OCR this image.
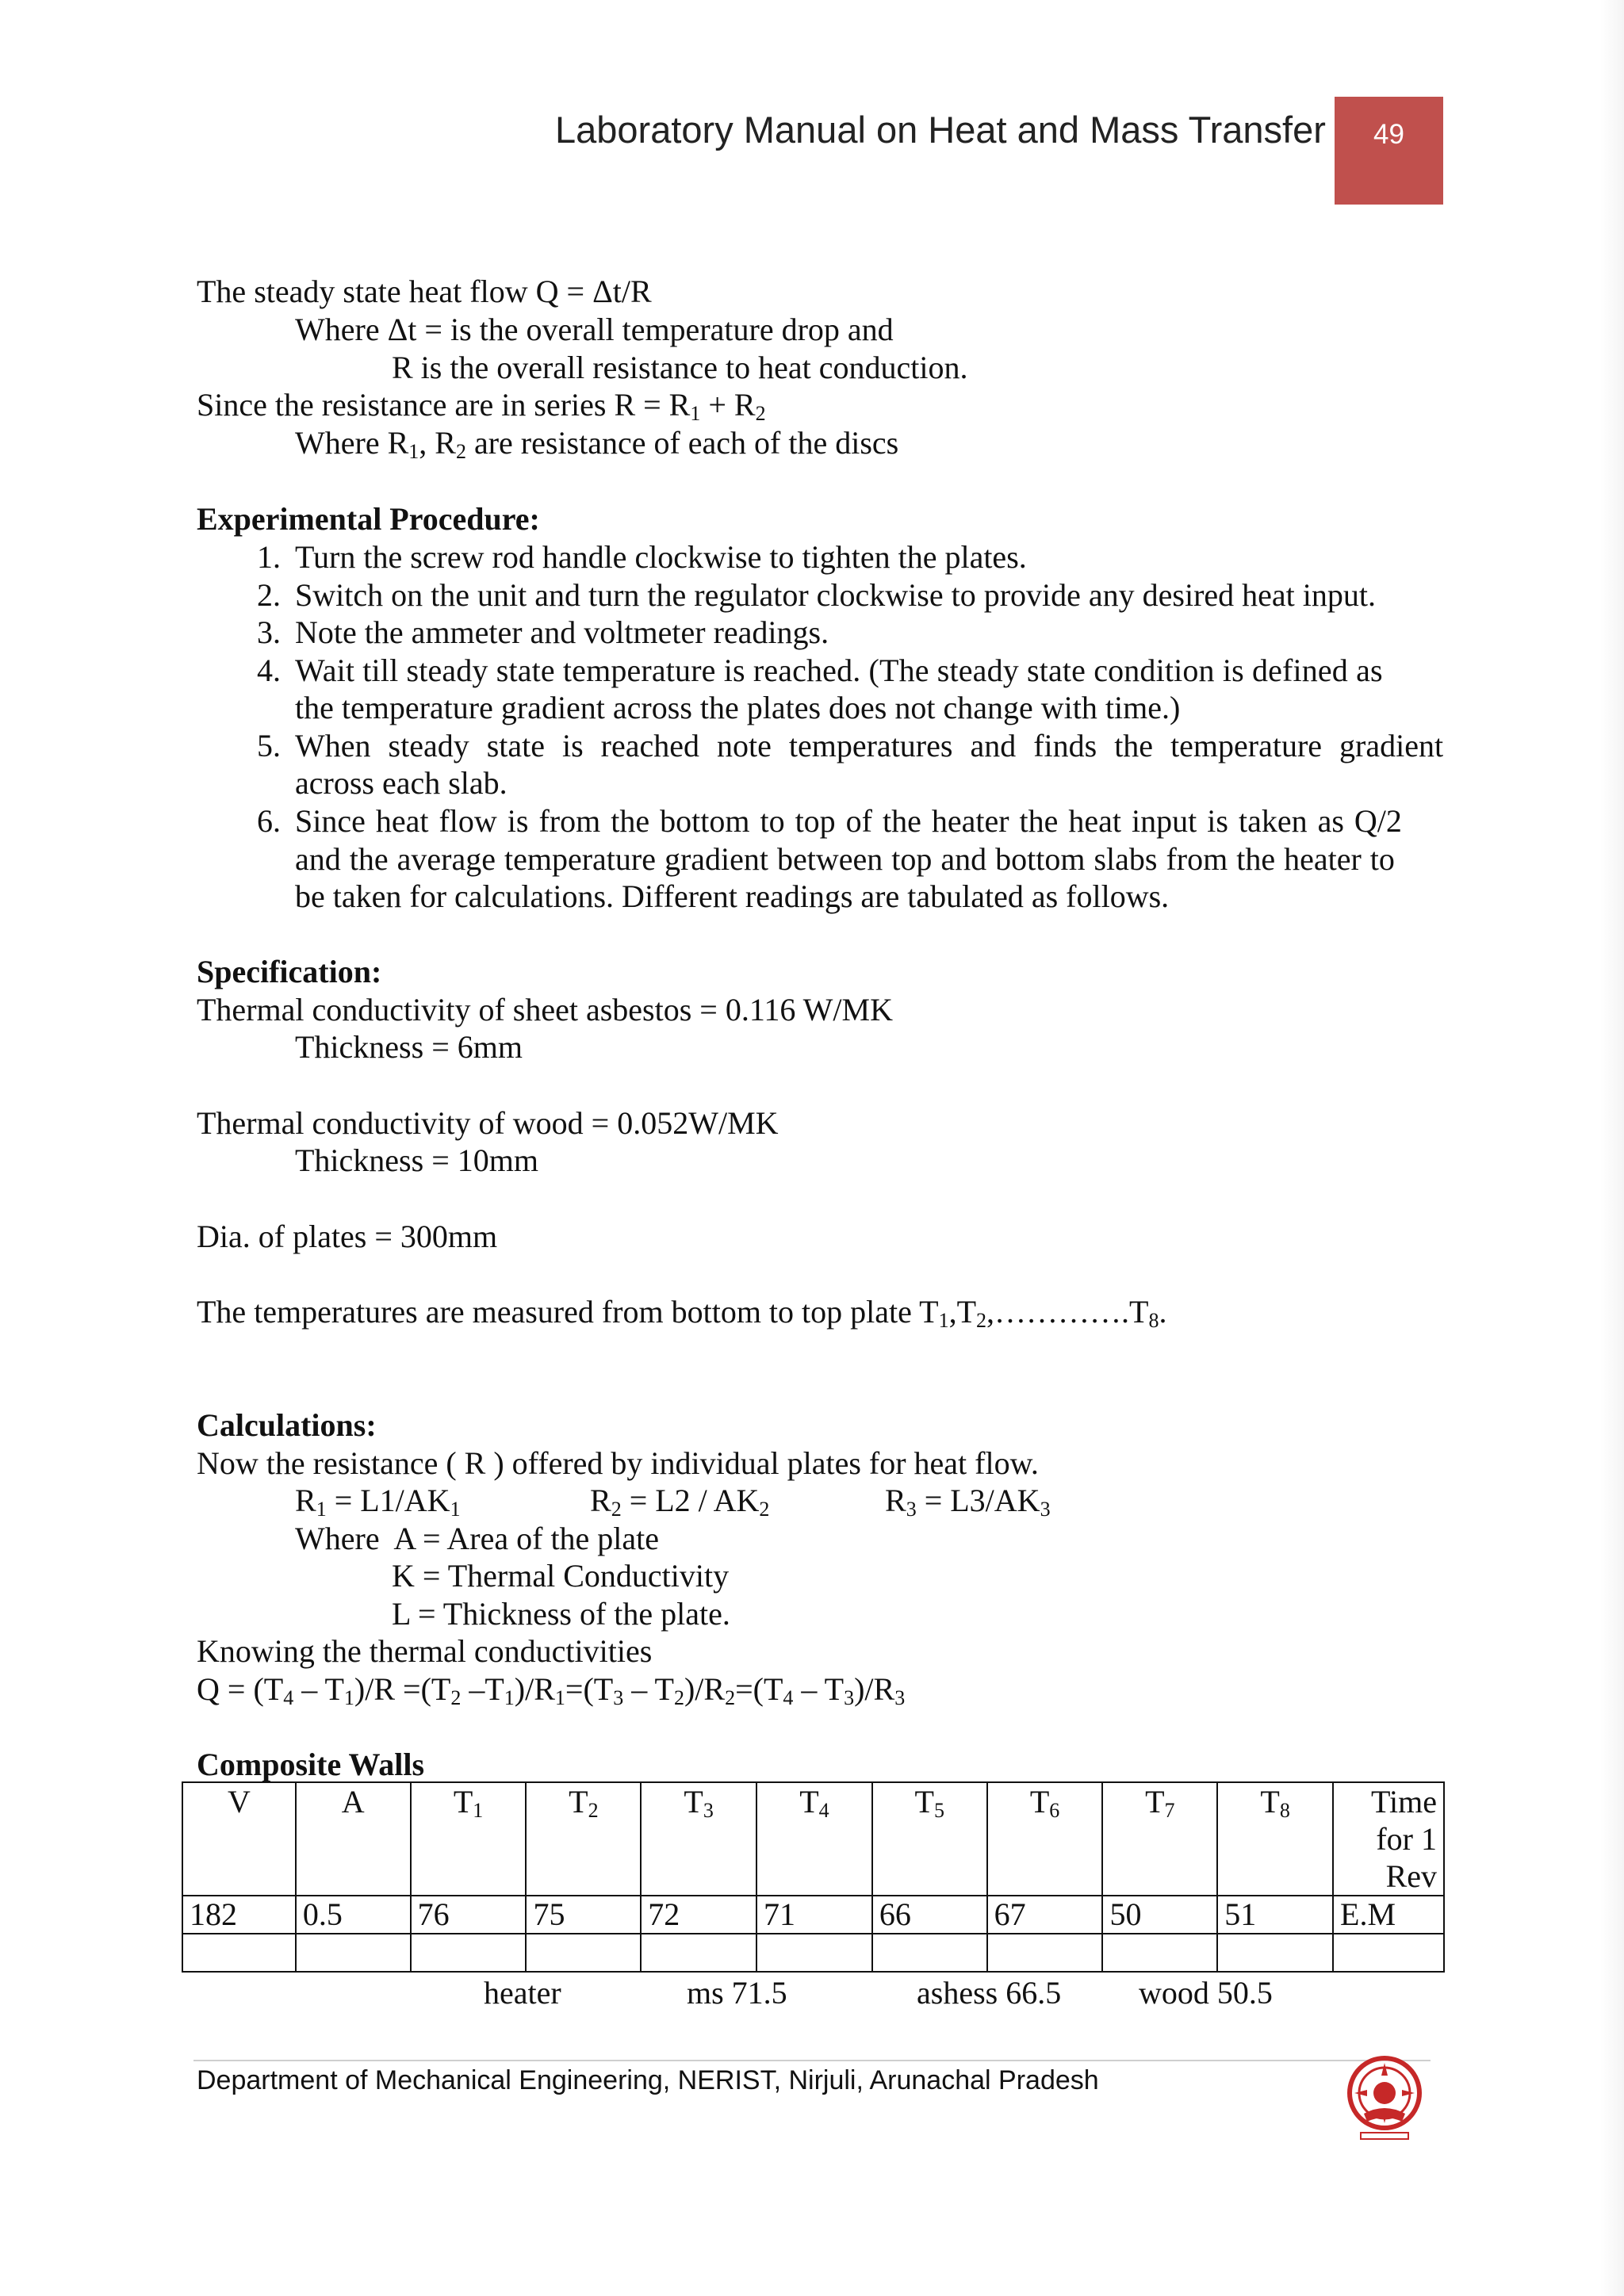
Laboratory Manual on Heat and Mass Transfer	49
The steady state heat flow Q = Δt/R
Where Δt = is the overall temperature drop and
R is the overall resistance to heat conduction.
Since the resistance are in series $R = R_1 + R_2$
Where $R_1$, $R_2$ are resistance of each of the discs
Experimental Procedure:
1. Turn the screw rod handle clockwise to tighten the plates.
2. Switch on the unit and turn the regulator clockwise to provide any desired heat input.
3. Note the ammeter and voltmeter readings.
4. Wait till steady state temperature is reached. (The steady state condition is defined as
the temperature gradient across the plates does not change with time.)
5. When steady state is reached note temperatures and finds the temperature gradient
across each slab.
6. Since heat flow is from the bottom to top of the heater the heat input is taken as Q/2
and the average temperature gradient between top and bottom slabs from the heater to
be taken for calculations. Different readings are tabulated as follows.
Specification:
Thermal conductivity of sheet asbestos = 0.116 W/MK
Thickness = 6mm
Thermal conductivity of wood = 0.052W/MK
Thickness = 10mm
Dia. of plates = 300mm
The temperatures are measured from bottom to top plate $T_1,T_2,\dots\dots\dots\dots.T_8$.
Calculations:
Now the resistance ( R ) offered by individual plates for heat flow.
$R_1 = L1/AK_1$	$R_2 = L2 / AK_2$	$R_3 = L3/AK_3$
Where  A = Area of the plate
K = Thermal Conductivity
L = Thickness of the plate.
Knowing the thermal conductivities
$Q = (T_4 - T_1)/R =(T_2$ $-T_1)/R_1=(T_3 - T_2)/R_2=(T_4 - T_3)/R_3$
Composite Walls
V	A	$T_1$	$T_2$	$T_3$	$T_4$	$T_5$	$T_6$	$T_7$	$T_8$	Time
for 1
Rev

182	0.5	76	75	72	71	66	67	50	51	E.M

heater	ms 71.5	ashess 66.5 wood 50.5
Department of Mechanical Engineering, NERIST, Nirjuli, Arunachal Pradesh
